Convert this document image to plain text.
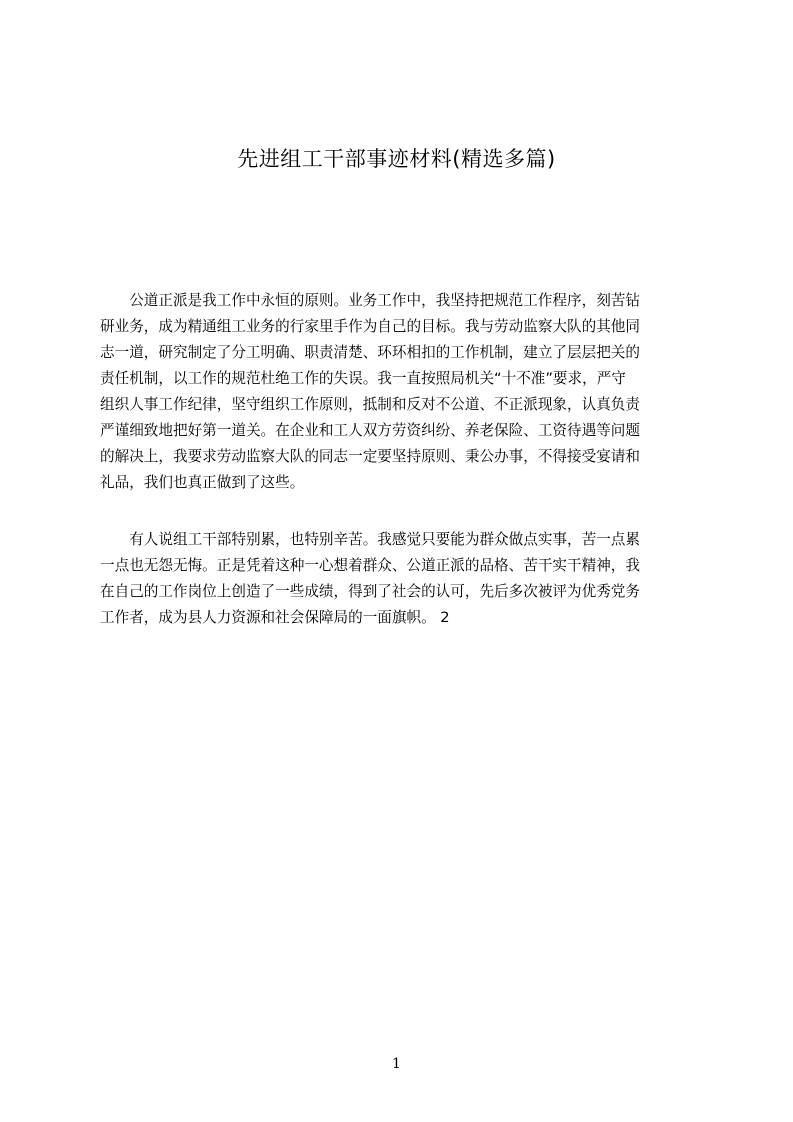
先进组工干部事迹材料(精选多篇)
　　公道正派是我工作中永恒的原则。业务工作中，我坚持把规范工作程序，刻苦钻
研业务，成为精通组工业务的行家里手作为自己的目标。我与劳动监察大队的其他同
志一道，研究制定了分工明确、职责清楚、环环相扣的工作机制，建立了层层把关的
责任机制，以工作的规范杜绝工作的失误。我一直按照局机关“十不准”要求，严守
组织人事工作纪律，坚守组织工作原则，抵制和反对不公道、不正派现象，认真负责
严谨细致地把好第一道关。在企业和工人双方劳资纠纷、养老保险、工资待遇等问题
的解决上，我要求劳动监察大队的同志一定要坚持原则、秉公办事，不得接受宴请和
礼品，我们也真正做到了这些。
　　有人说组工干部特别累，也特别辛苦。我感觉只要能为群众做点实事，苦一点累
一点也无怨无悔。正是凭着这种一心想着群众、公道正派的品格、苦干实干精神，我
在自己的工作岗位上创造了一些成绩，得到了社会的认可，先后多次被评为优秀党务
工作者，成为县人力资源和社会保障局的一面旗帜。 2
1
